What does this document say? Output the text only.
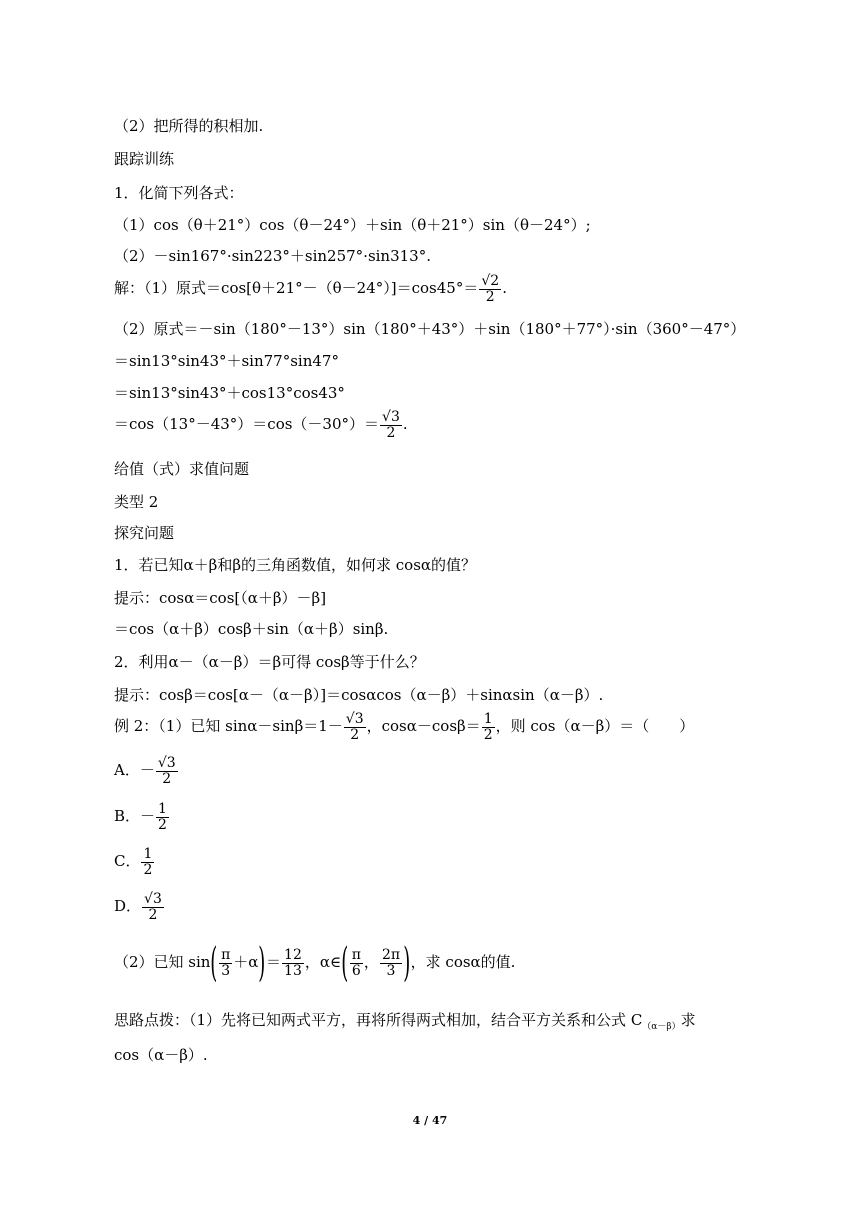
（2）把所得的积相加.
跟踪训练
1．化简下列各式：
（1）cos（θ＋21°）cos（θ－24°）＋sin（θ＋21°）sin（θ－24°）;
（2）－sin167°·sin223°＋sin257°·sin313°.
解：（1）原式＝cos[θ＋21°－（θ－24°）]＝cos45°＝ √ $\frac{2}{2}$ .
（2）原式＝－sin（180°－13°）sin（180°＋43°）＋sin（180°＋77°）·sin（360°－47°）
＝sin13°sin43°＋sin77°sin47°
＝sin13°sin43°＋cos13°cos43°
＝cos（13°－43°）＝cos（－30°）＝ √ $\frac{3}{2}$ .
给值（式）求值问题
类型 2
探究问题
1．若已知α＋β和β的三角函数值，如何求 cosα的值？
提示：cosα＝cos[（α＋β）－β]
＝cos（α＋β）cosβ＋sin（α＋β）sinβ.
2．利用α－（α－β）＝β可得 cosβ等于什么？
提示：cosβ＝cos[α－（α－β）]＝cosαcos（α－β）＋sinαsin（α－β）.
例 2：（1）已知 sinα－sinβ＝1－ √ $\frac{3}{2}$ ，$\cos\alpha-\cos\beta= \frac{1}{2}$ ，则 cos（α－β）＝（　　）
A．－ √ $\frac{3}{2}$
B．－ $\frac{1}{2}$
C． $\frac{1}{2}$
D． √ $\frac{3}{2}$
（2）已知 $\sin( \frac{\pi}{3} +\alpha)= \frac{12}{13}$ ，α∈( $\frac{\pi}{6}$ ， $\frac{2\pi}{3}$ )，求 cosα的值.
思路点拨：（1）先将已知两式平方，再将所得两式相加，结合平方关系和公式 $C_{(\alpha-\beta)}$求
cos（α－β）.
4 / 47
